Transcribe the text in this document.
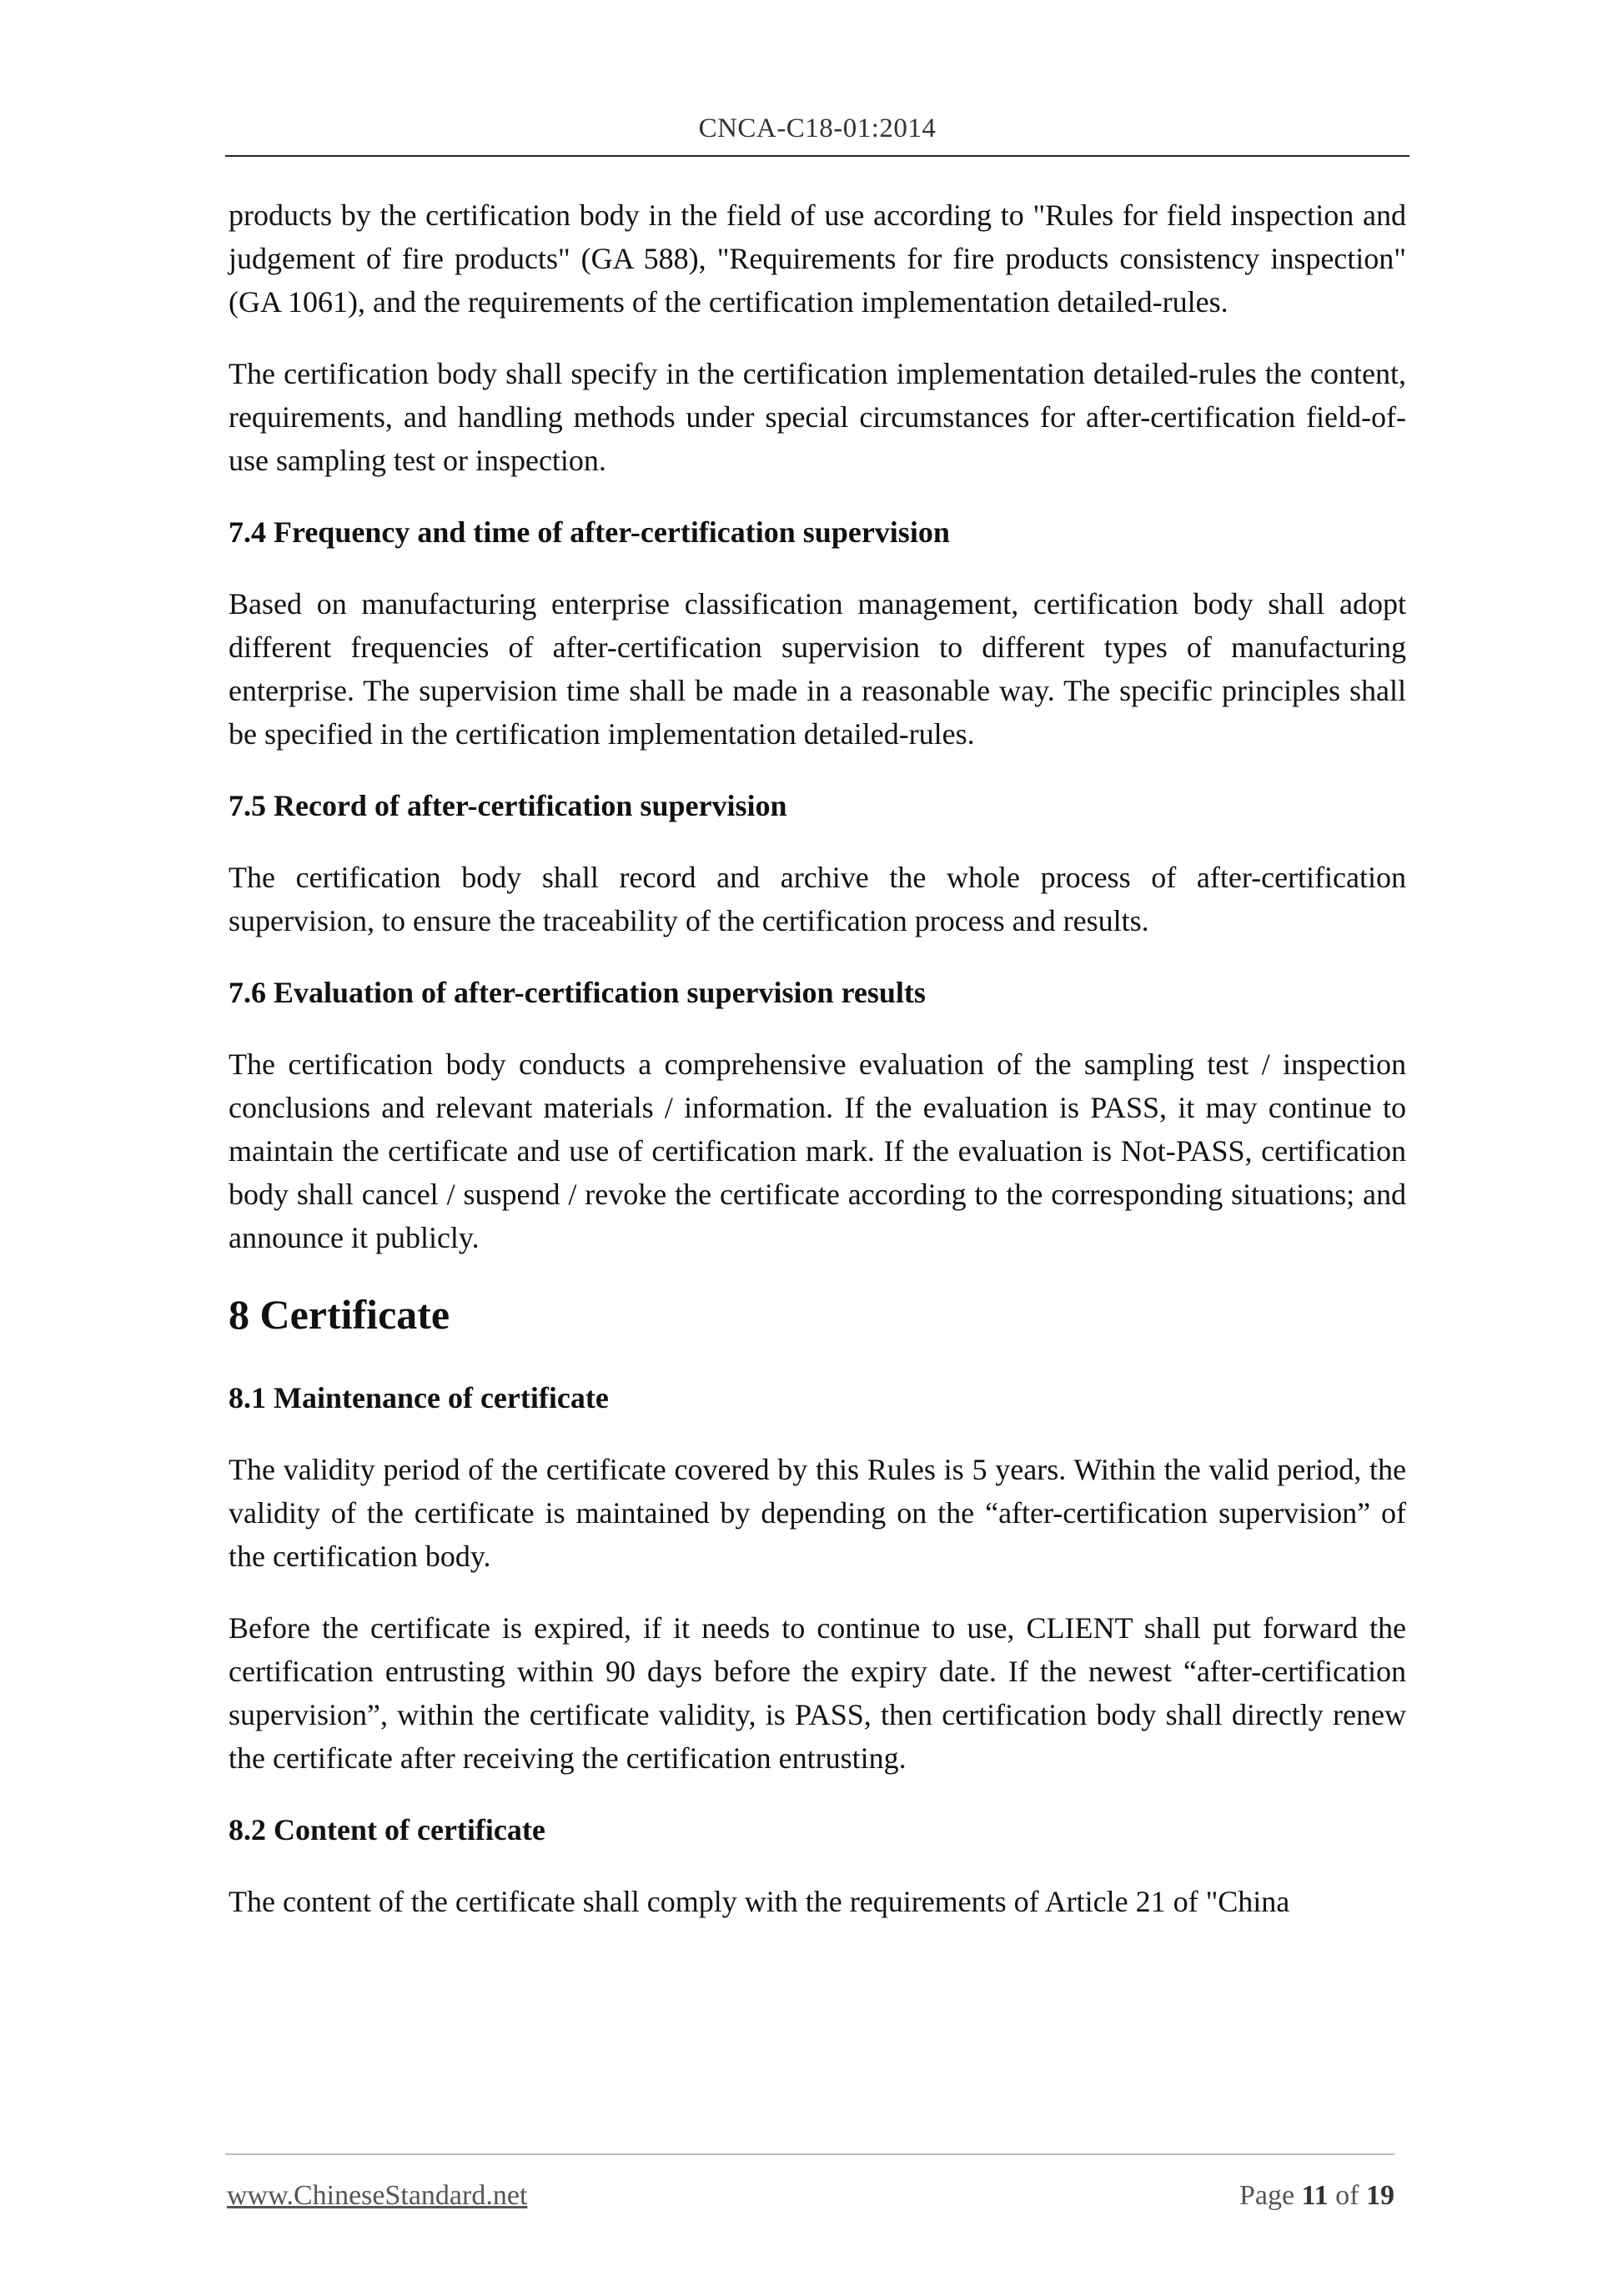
CNCA-C18-01:2014

products by the certification body in the field of use according to "Rules for field inspection and judgement of fire products" (GA 588), "Requirements for fire products consistency inspection" (GA 1061), and the requirements of the certification implementation detailed-rules.

The certification body shall specify in the certification implementation detailed-rules the content, requirements, and handling methods under special circumstances for after-certification field-of-use sampling test or inspection.

7.4 Frequency and time of after-certification supervision

Based on manufacturing enterprise classification management, certification body shall adopt different frequencies of after-certification supervision to different types of manufacturing enterprise. The supervision time shall be made in a reasonable way. The specific principles shall be specified in the certification implementation detailed-rules.

7.5 Record of after-certification supervision

The certification body shall record and archive the whole process of after-certification supervision, to ensure the traceability of the certification process and results.

7.6 Evaluation of after-certification supervision results

The certification body conducts a comprehensive evaluation of the sampling test / inspection conclusions and relevant materials / information. If the evaluation is PASS, it may continue to maintain the certificate and use of certification mark. If the evaluation is Not-PASS, certification body shall cancel / suspend / revoke the certificate according to the corresponding situations; and announce it publicly.

8 Certificate
8.1 Maintenance of certificate

The validity period of the certificate covered by this Rules is 5 years. Within the valid period, the validity of the certificate is maintained by depending on the “after-certification supervision” of the certification body.

Before the certificate is expired, if it needs to continue to use, CLIENT shall put forward the certification entrusting within 90 days before the expiry date. If the newest “after-certification supervision”, within the certificate validity, is PASS, then certification body shall directly renew the certificate after receiving the certification entrusting.

8.2 Content of certificate

The content of the certificate shall comply with the requirements of Article 21 of "China

www.ChineseStandard.net	Page 11 of 19
